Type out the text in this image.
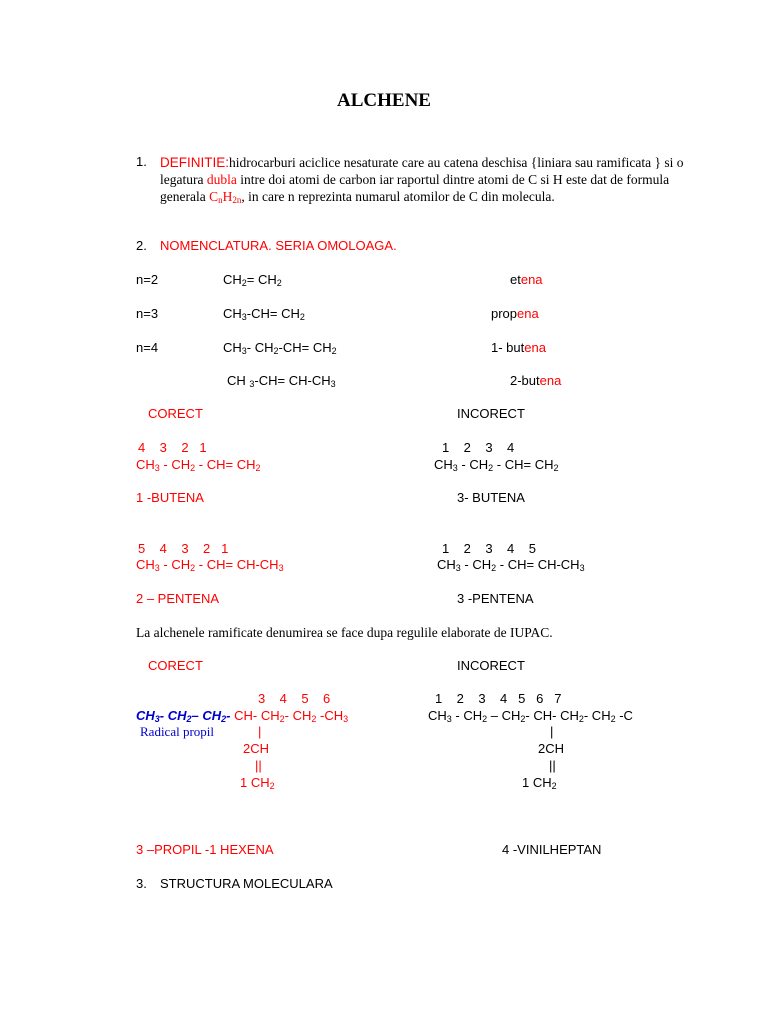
ALCHENE
1. DEFINITIE:hidrocarburi aciclice nesaturate care au catena deschisa {liniara sau ramificata } si o legatura dubla intre doi atomi de carbon iar raportul dintre atomi de C si H este dat de formula generala $C_nH_{2n}$, in care n reprezinta numarul atomilor de C din molecula.
2. NOMENCLATURA. SERIA OMOLOAGA.
n=2	$CH_2= CH_2$	etena
n=3	$CH_3-CH= CH_2$	propena
n=4	$CH_3-$ $CH_2-CH= CH_2$	1- butena
CH $_3-CH= CH-CH_3$	2-butena
CORECT	INCORECT
4    3    2   1	1    2    3    4
$CH_3 - CH_2 - CH= CH_2$	$CH_3 - CH_2 - CH= CH_2$
1 -BUTENA	3- BUTENA
5    4    3    2   1	1    2    3    4    5
$CH_3 - CH_2 - CH= CH-CH_3$	$CH_3 - CH_2 - CH= CH-CH_3$
2 – PENTENA	3 -PENTENA
La alchenele ramificate denumirea se face dupa regulile elaborate de IUPAC.
CORECT	INCORECT
3    4    5    6	1    2    3    4   5   6   7
$CH_3-$ $CH_2-$ $CH_2-$ CH- $CH_2-$ $CH_2$ $-CH_3$	$CH_3 - CH_2 - CH_2-$ CH- $CH_2-$ $CH_2$ -C
Radical propil	|	|
2CH	2CH
||	||
1 $CH_2$	1 $CH_2$
3 –PROPIL -1 HEXENA	4 -VINILHEPTAN
3. STRUCTURA MOLECULARA
